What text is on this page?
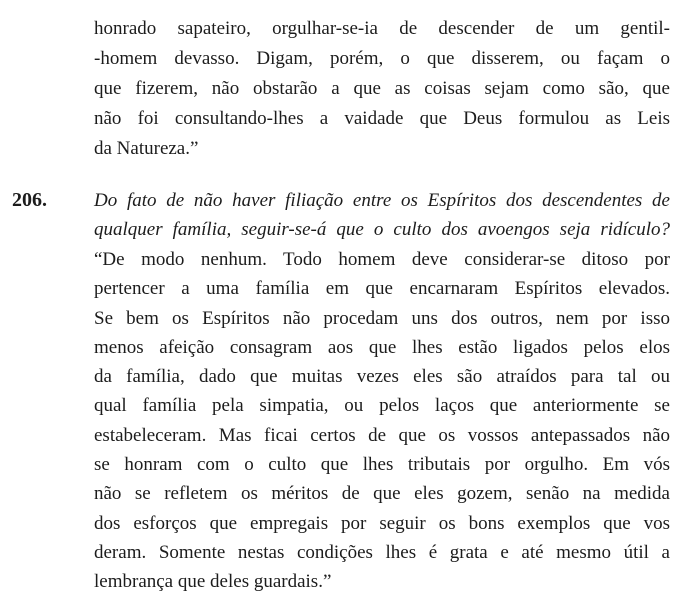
206.
honrado sapateiro, orgulhar-se-ia de descender de um gentil-
-homem devasso. Digam, porém, o que disserem, ou façam o
que fizerem, não obstarão a que as coisas sejam como são, que
não foi consultando-lhes a vaidade que Deus formulou as Leis
da Natureza.”
Do fato de não haver filiação entre os Espíritos dos descendentes de
qualquer família, seguir-se-á que o culto dos avoengos seja ridículo?
“De modo nenhum. Todo homem deve considerar-se ditoso por
pertencer a uma família em que encarnaram Espíritos elevados.
Se bem os Espíritos não procedam uns dos outros, nem por isso
menos afeição consagram aos que lhes estão ligados pelos elos
da família, dado que muitas vezes eles são atraídos para tal ou
qual família pela simpatia, ou pelos laços que anteriormente se
estabeleceram. Mas ficai certos de que os vossos antepassados não
se honram com o culto que lhes tributais por orgulho. Em vós
não se refletem os méritos de que eles gozem, senão na medida
dos esforços que empregais por seguir os bons exemplos que vos
deram. Somente nestas condições lhes é grata e até mesmo útil a
lembrança que deles guardais.”
